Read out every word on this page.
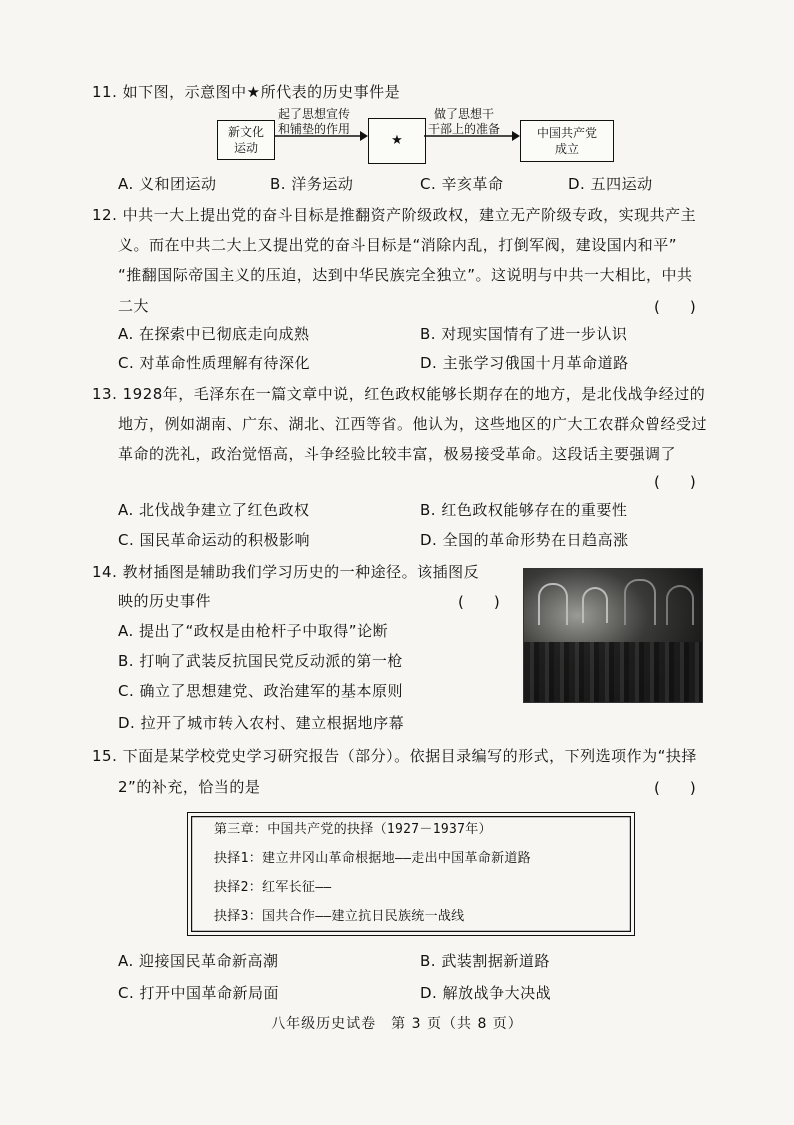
11. 如下图，示意图中★所代表的历史事件是
新文化
运动
起了思想宣传
和铺垫的作用
★
做了思想干
干部上的准备	中国共产党
成立
A. 义和团运动	B. 洋务运动	C. 辛亥革命	D. 五四运动
12. 中共一大上提出党的奋斗目标是推翻资产阶级政权，建立无产阶级专政，实现共产主
义。而在中共二大上又提出党的奋斗目标是“消除内乱，打倒军阀，建设国内和平”
“推翻国际帝国主义的压迫，达到中华民族完全独立”。这说明与中共一大相比，中共
二大	(　　)
A. 在探索中已彻底走向成熟	B. 对现实国情有了进一步认识
C. 对革命性质理解有待深化	D. 主张学习俄国十月革命道路
13. 1928年，毛泽东在一篇文章中说，红色政权能够长期存在的地方，是北伐战争经过的
地方，例如湖南、广东、湖北、江西等省。他认为，这些地区的广大工农群众曾经受过
革命的洗礼，政治觉悟高，斗争经验比较丰富，极易接受革命。这段话主要强调了
(　　)
A. 北伐战争建立了红色政权	B. 红色政权能够存在的重要性
C. 国民革命运动的积极影响	D. 全国的革命形势在日趋高涨
14. 教材插图是辅助我们学习历史的一种途径。该插图反
映的历史事件	(　　)
A. 提出了“政权是由枪杆子中取得”论断
B. 打响了武装反抗国民党反动派的第一枪
C. 确立了思想建党、政治建军的基本原则
D. 拉开了城市转入农村、建立根据地序幕
15. 下面是某学校党史学习研究报告（部分）。依据目录编写的形式，下列选项作为“抉择
2”的补充，恰当的是	(　　)
第三章：中国共产党的抉择（1927－1937年）
抉择1：建立井冈山革命根据地——走出中国革命新道路
抉择2：红军长征——
抉择3：国共合作——建立抗日民族统一战线
A. 迎接国民革命新高潮	B. 武装割据新道路
C. 打开中国革命新局面	D. 解放战争大决战
八年级历史试卷　第 3 页（共 8 页）
